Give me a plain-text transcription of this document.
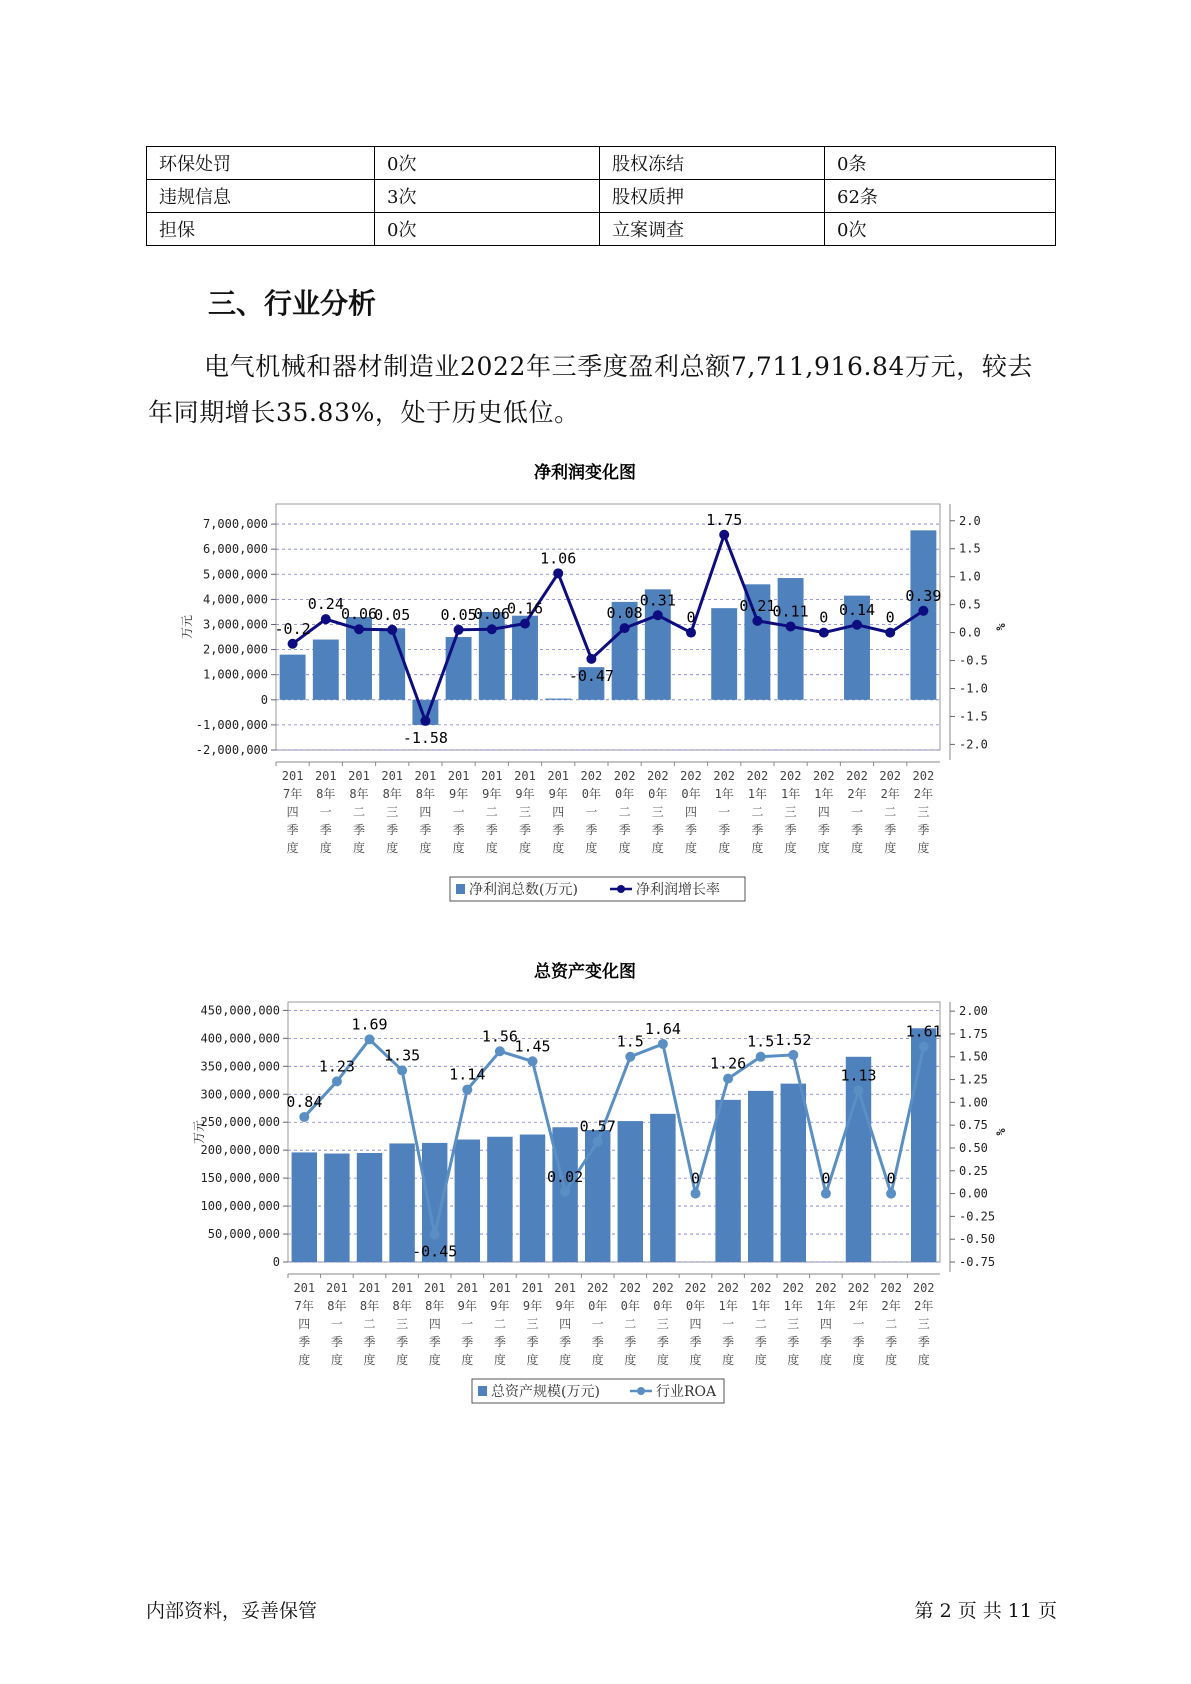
环保处罚	0次	股权冻结	0条
违规信息	3次	股权质押	62条
担保	0次	立案调查	0次
三、行业分析

电气机械和器材制造业2022年三季度盈利总额7,711,916.84万元，较去年同期增长35.83%，处于历史低位。

净利润变化图
-2,000,000
-1,000,000
0
1,000,000
2,000,000
3,000,000
4,000,000
5,000,000
6,000,000
7,000,000
-2.0
-1.5
-1.0
-0.5
0.0
0.5
1.0
1.5
2.0
万元	%
201 7年四季度
201 8年一季度
201 8年二季度
201 8年三季度
201 8年四季度
201 9年一季度
201 9年二季度
201 9年三季度
201 9年四季度
202 0年一季度
202 0年二季度
202 0年三季度
202 0年四季度
202 1年一季度
202 1年二季度
202 1年三季度
202 1年四季度
202 2年一季度
202 2年二季度
202 2年三季度
-0.2
0.24
0.06
0.05
-1.58
0.05
0.06
0.16
1.06
-0.47
0.08
0.31
0
1.75
0.21
0.11 0 0.14 0
0.39
净利润总数(万元)	净利润增长率
总资产变化图
0
50,000,000
100,000,000
150,000,000
200,000,000
250,000,000
300,000,000
350,000,000
400,000,000
450,000,000
-0.75
-0.50
-0.25
0.00
0.25
0.50
0.75
1.00
1.25
1.50
1.75
2.00
万元	%
201 7年四季度
201 8年一季度
201 8年二季度
201 8年三季度
201 8年四季度
201 9年一季度
201 9年二季度
201 9年三季度
201 9年四季度
202 0年一季度
202 0年二季度
202 0年三季度
202 0年四季度
202 1年一季度
202 1年二季度
202 1年三季度
202 1年四季度
202 2年一季度
202 2年二季度
202 2年三季度
0.84
1.23
1.69
1.35
-0.45
1.14
1.56
1.45
0.02
0.57
1.5
1.64
0
1.26
1.5 1.52
0
1.13
0
1.61
总资产规模(万元)	行业ROA
内部资料，妥善保管	第 2 页 共 11 页
